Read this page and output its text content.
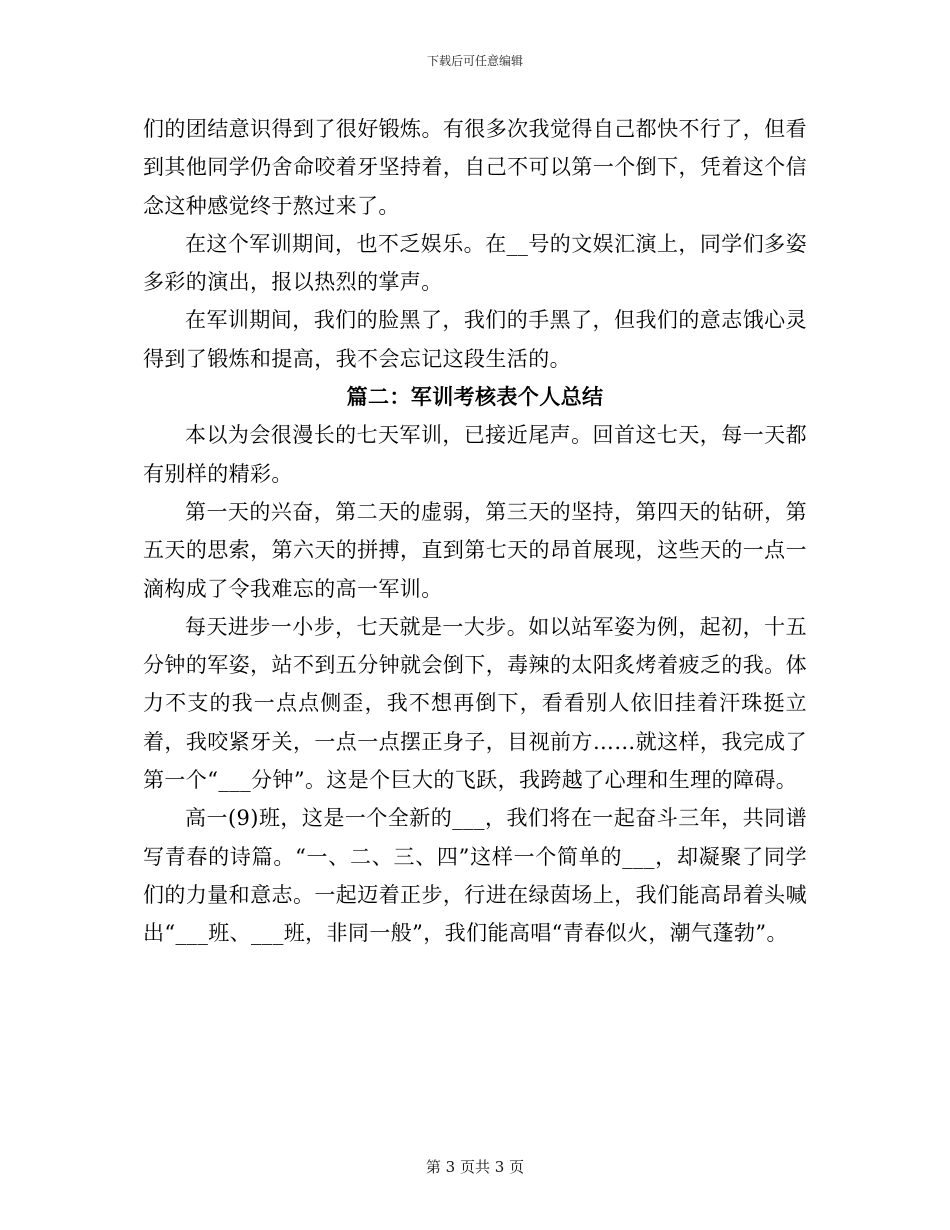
下载后可任意编辑

们的团结意识得到了很好锻炼。有很多次我觉得自己都快不行了，但看到其他同学仍舍命咬着牙坚持着，自己不可以第一个倒下，凭着这个信念这种感觉终于熬过来了。

在这个军训期间，也不乏娱乐。在__号的文娱汇演上，同学们多姿多彩的演出，报以热烈的掌声。

在军训期间，我们的脸黑了，我们的手黑了，但我们的意志饿心灵得到了锻炼和提高，我不会忘记这段生活的。

篇二：军训考核表个人总结

本以为会很漫长的七天军训，已接近尾声。回首这七天，每一天都有别样的精彩。

第一天的兴奋，第二天的虚弱，第三天的坚持，第四天的钻研，第五天的思索，第六天的拼搏，直到第七天的昂首展现，这些天的一点一滴构成了令我难忘的高一军训。

每天进步一小步，七天就是一大步。如以站军姿为例，起初，十五分钟的军姿，站不到五分钟就会倒下，毒辣的太阳炙烤着疲乏的我。体力不支的我一点点侧歪，我不想再倒下，看看别人依旧挂着汗珠挺立着，我咬紧牙关，一点一点摆正身子，目视前方……就这样，我完成了第一个“___分钟”。这是个巨大的飞跃，我跨越了心理和生理的障碍。

高一(9)班，这是一个全新的___，我们将在一起奋斗三年，共同谱写青春的诗篇。“一、二、三、四”这样一个简单的___，却凝聚了同学们的力量和意志。一起迈着正步，行进在绿茵场上，我们能高昂着头喊出“___班、___班，非同一般”，我们能高唱“青春似火，潮气蓬勃”。

第 3 页共 3 页
